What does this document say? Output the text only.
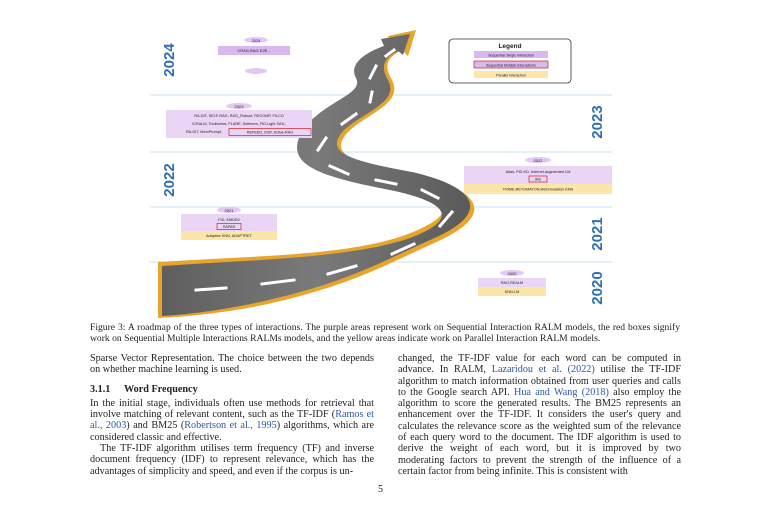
2024
2023
2022
2021
2020
Legend
Sequential Single Interaction
Sequential Multiple Interactions
Parallel Interaction
2024
CRAG,RAG E2E...
2023
RA-DIT, SELF-RAG, RAG_Robust, RECOMP, FILCO
ICRALM, Toolformer, FLARE, Selfmem, FID-Light SAIL,
RA-DIT, MemPrompt,	REFEED, DSP, Active-RAG
2022
Atlas, FID-KD, Internet-augmented LM
IRE
TRIME,RETOMATON,Reformulation KNN
2021
FID, EMDR2
RAPAR
Adaptive KNN, ADAPTRET
2020
RAG,REALM
KNN-LM
Figure 3: A roadmap of the three types of interactions. The purple areas represent work on Sequential Interaction RALM models, the red boxes signify work on Sequential Multiple Interactions RALMs models, and the yellow areas indicate work on Parallel Interaction RALM models.

Sparse Vector Representation. The choice between the two depends on whether machine learning is used.

3.1.1 Word Frequency

In the initial stage, individuals often use methods for retrieval that involve matching of relevant content, such as the TF-IDF (Ramos et al., 2003) and BM25 (Robertson et al., 1995) algorithms, which are considered classic and effective.

The TF-IDF algorithm utilises term frequency (TF) and inverse document frequency (IDF) to represent relevance, which has the advantages of simplicity and speed, and even if the corpus is un-

changed, the TF-IDF value for each word can be computed in advance. In RALM, Lazaridou et al. (2022) utilise the TF-IDF algorithm to match information obtained from user queries and calls to the Google search API. Hua and Wang (2018) also employ the algorithm to score the generated results. The BM25 represents an enhancement over the TF-IDF. It considers the user's query and calculates the relevance score as the weighted sum of the relevance of each query word to the document. The IDF algorithm is used to derive the weight of each word, but it is improved by two moderating factors to prevent the strength of the influence of a certain factor from being infinite. This is consistent with

5
